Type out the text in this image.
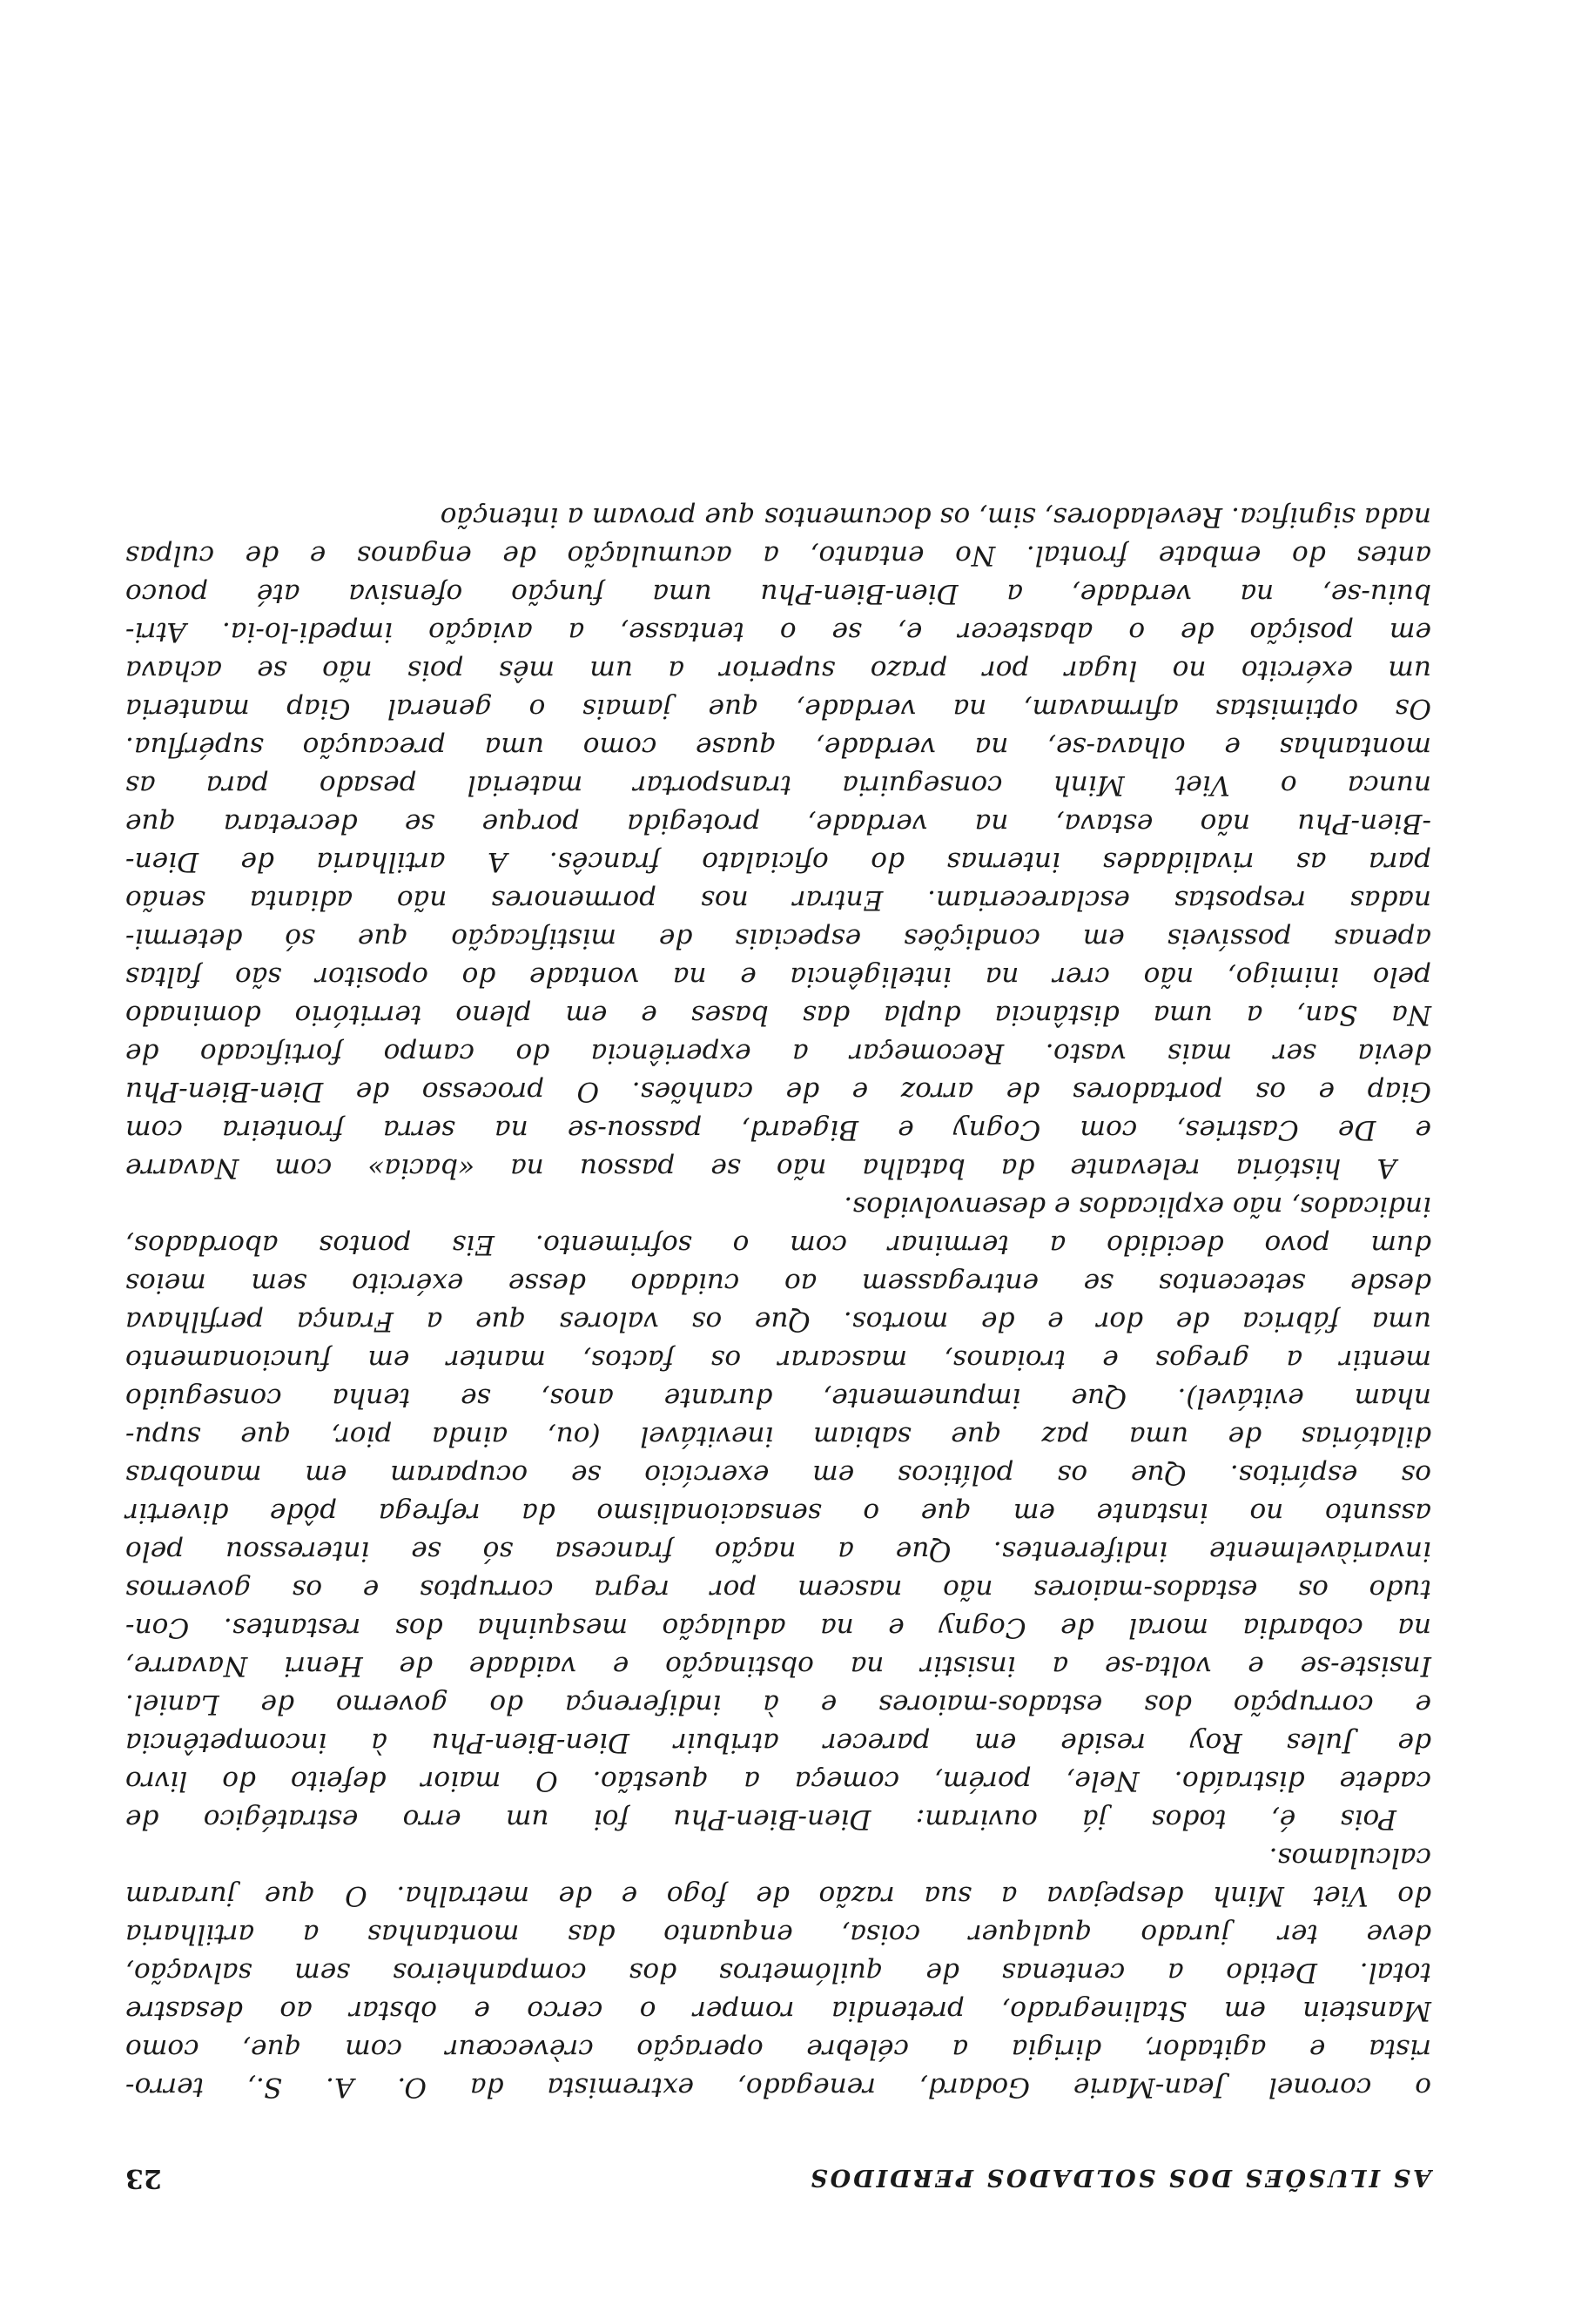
AS ILUSÕES DOS SOLDADOS PERDIDOS
23
o coronel Jean-Marie Godard, renegado, extremista da O. A. S., terro-
rista e agitador, dirigia a célebre operação crèvecœur com que, como
Manstein em Stalinegrado, pretendia romper o cerco e obstar ao desastre
total. Detido a centenas de quilómetros dos companheiros sem salvação,
deve ter jurado qualquer coisa, enquanto das montanhas a artilharia
do Viet Minh despejava a sua razão de fogo e de metralha. O que juraram
calculamos.
Pois é, todos já ouviram: Dien-Bien-Phu foi um erro estratégico de
cadete distraído. Nele, porém, começa a questão. O maior defeito do livro
de Jules Roy reside em parecer atribuir Dien-Bien-Phu à incompetência
e corrupção dos estados-maiores e à indiferença do governo de Laniel.
Insiste-se e volta-se a insistir na obstinação e vaidade de Henri Navarre,
na cobardia moral de Cogny e na adulação mesquinha dos restantes. Con-
tudo os estados-maiores não nascem por regra corruptos e os governos
invariàvelmente indiferentes. Que a nação francesa só se interessou pelo
assunto no instante em que o sensacionalismo da refrega pôde divertir
os espíritos. Que os políticos em exercício se ocuparam em manobras
dilatórias de uma paz que sabiam inevitável (ou, ainda pior, que supu-
nham evitável). Que impunemente, durante anos, se tenha conseguido
mentir a gregos e troianos, mascarar os factos, manter em funcionamento
uma fábrica de dor e de mortos. Que os valores que a França perfilhava
desde setecentos se entregassem ao cuidado desse exército sem meios
dum povo decidido a terminar com o sofrimento. Eis pontos abordados,
indicados, não explicados e desenvolvidos.
A história relevante da batalha não se passou na «bacia» com Navarre
e De Castries, com Cogny e Bigeard, passou-se na serra fronteira com
Giap e os portadores de arroz e de canhões. O processo de Dien-Bien-Phu
devia ser mais vasto. Recomeçar a experiência do campo fortificado de
Na San, a uma distância dupla das bases e em pleno território dominado
pelo inimigo, não crer na inteligência e na vontade do opositor são faltas
apenas possíveis em condições especiais de mistificação que só determi-
nadas respostas esclareceriam. Entrar nos pormenores não adianta senão
para as rivalidades internas do oficialato francês. A artilharia de Dien-
-Bien-Phu não estava, na verdade, protegida porque se decretara que
nunca o Viet Minh conseguiria transportar material pesado para as
montanhas e olhava-se, na verdade, quase como uma precaução supérflua.
Os optimistas afirmavam, na verdade, que jamais o general Giap manteria
um exército no lugar por prazo superior a um mês pois não se achava
em posição de o abastecer e, se o tentasse, a aviação impedi-lo-ia. Atri-
buiu-se, na verdade, a Dien-Bien-Phu uma função ofensiva até pouco
antes do embate frontal. No entanto, a acumulação de enganos e de culpas
nada significa. Reveladores, sim, os documentos que provam a intenção
